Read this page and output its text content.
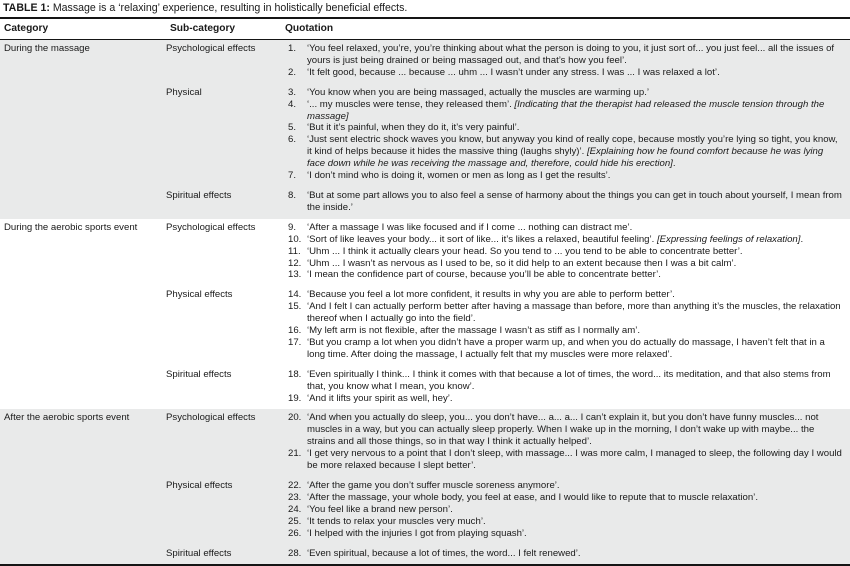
TABLE 1: Massage is a ‘relaxing’ experience, resulting in holistically beneficial effects.
Category	Sub-category	Quotation
During the massage	Psychological effects	1.	‘You feel relaxed, you’re, you’re thinking about what the person is doing to you, it just sort of... you just feel... all the issues of yours is just being drained or being massaged out, and that’s how you feel’.
2.	‘It felt good, because ... because ... uhm ... I wasn’t under any stress. I was ... I was relaxed a lot’.
Physical	3.	‘You know when you are being massaged, actually the muscles are warming up.’
4.	‘... my muscles were tense, they released them’. [Indicating that the therapist had released the muscle tension through the massage]
5.	‘But it it’s painful, when they do it, it’s very painful’.
6.	‘Just sent electric shock waves you know, but anyway you kind of really cope, because mostly you’re lying so tight, you know, it kind of helps because it hides the massive thing (laughs shyly)’. [Explaining how he found comfort because he was lying face down while he was receiving the massage and, therefore, could hide his erection].
7.	‘I don’t mind who is doing it, women or men as long as I get the results’.
Spiritual effects	8.	‘But at some part allows you to also feel a sense of harmony about the things you can get in touch about yourself, I mean from the inside.’
During the aerobic sports event	Psychological effects	9.	‘After a massage I was like focused and if I come ... nothing can distract me’.
10. ‘Sort of like leaves your body... it sort of like... it’s likes a relaxed, beautiful feeling’. [Expressing feelings of relaxation].
11. ‘Uhm ... I think it actually clears your head. So you tend to ... you tend to be able to concentrate better’.
12. ‘Uhm ... I wasn’t as nervous as I used to be, so it did help to an extent because then I was a bit calm’.
13. ‘I mean the confidence part of course, because you’ll be able to concentrate better’.
Physical effects	14. ‘Because you feel a lot more confident, it results in why you are able to perform better’.
15. ‘And I felt I can actually perform better after having a massage than before, more than anything it’s the muscles, the relaxation thereof when I actually go into the field’.
16. ‘My left arm is not flexible, after the massage I wasn’t as stiff as I normally am’.
17. ‘But you cramp a lot when you didn’t have a proper warm up, and when you do actually do massage, I haven’t felt that in a long time. After doing the massage, I actually felt that my muscles were more relaxed’.
Spiritual effects	18. ‘Even spiritually I think... I think it comes with that because a lot of times, the word... its meditation, and that also stems from that, you know what I mean, you know’.
19. ‘And it lifts your spirit as well, hey’.
After the aerobic sports event	Psychological effects	20. ‘And when you actually do sleep, you... you don’t have... a... a... I can’t explain it, but you don’t have funny muscles... not muscles in a way, but you can actually sleep properly. When I wake up in the morning, I don’t wake up with maybe... the strains and all those things, so in that way I think it actually helped’.
21. ‘I get very nervous to a point that I don’t sleep, with massage... I was more calm, I managed to sleep, the following day I would be more relaxed because I slept better’.
Physical effects	22. ‘After the game you don’t suffer muscle soreness anymore’.
23. ‘After the massage, your whole body, you feel at ease, and I would like to repute that to muscle relaxation’.
24. ‘You feel like a brand new person’.
25. ‘It tends to relax your muscles very much’.
26. ‘I helped with the injuries I got from playing squash’.
Spiritual effects	28. ‘Even spiritual, because a lot of times, the word... I felt renewed’.
